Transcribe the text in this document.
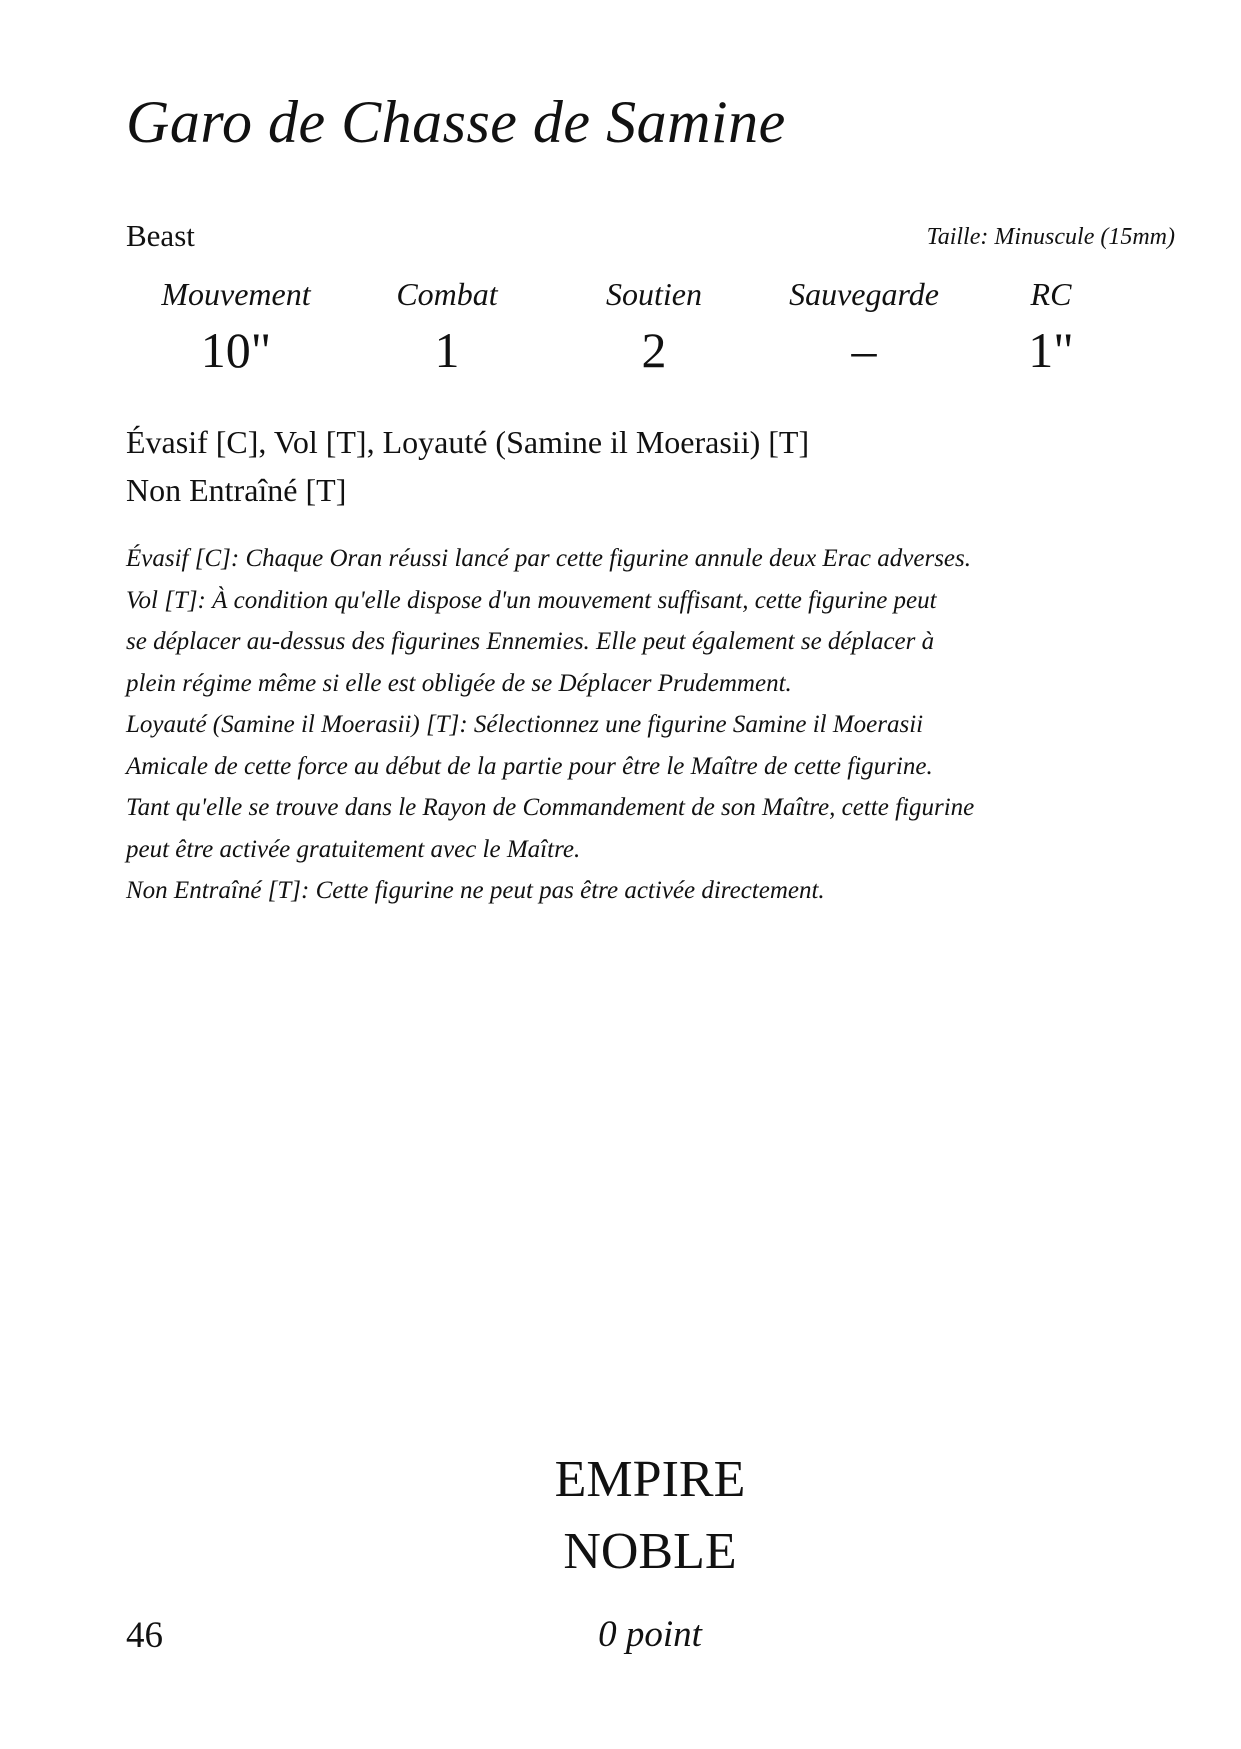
Garo de Chasse de Samine
Beast	Taille: Minuscule (15mm)
Mouvement
10"
Combat
1
Soutien
2
Sauvegarde
–
RC
1"
Évasif [C], Vol [T], Loyauté (Samine il Moerasii) [T]
Non Entraîné [T]
Évasif [C]: Chaque Oran réussi lancé par cette figurine annule deux Erac adverses.
Vol [T]: À condition qu'elle dispose d'un mouvement suffisant, cette figurine peut
se déplacer au-dessus des figurines Ennemies. Elle peut également se déplacer à
plein régime même si elle est obligée de se Déplacer Prudemment.
Loyauté (Samine il Moerasii) [T]: Sélectionnez une figurine Samine il Moerasii
Amicale de cette force au début de la partie pour être le Maître de cette figurine.
Tant qu'elle se trouve dans le Rayon de Commandement de son Maître, cette figurine
peut être activée gratuitement avec le Maître.
Non Entraîné [T]: Cette figurine ne peut pas être activée directement.
EMPIRE
NOBLE
46	0 point
